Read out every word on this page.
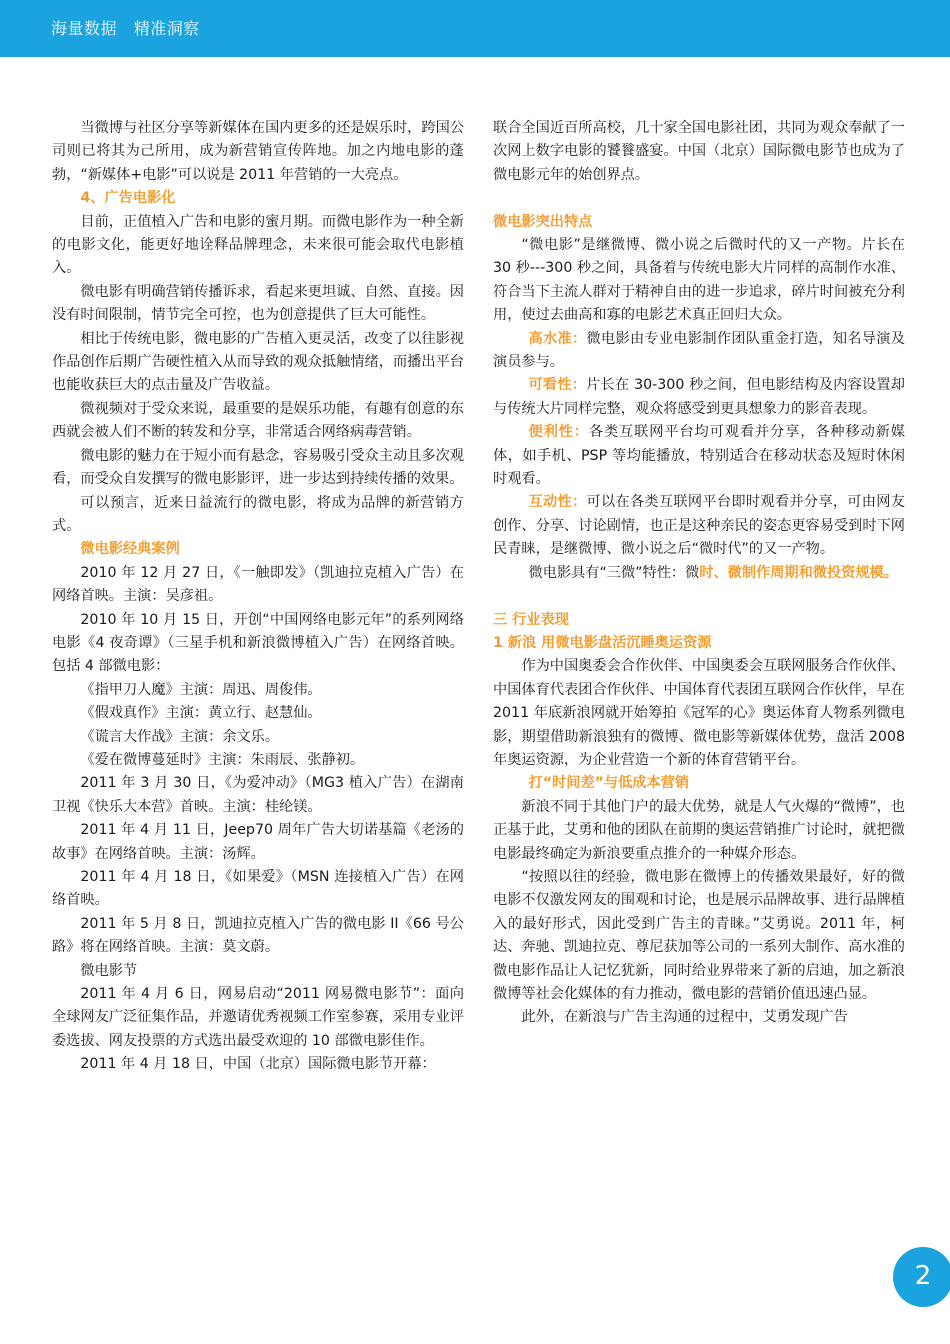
海量数据   精准洞察

当微博与社区分享等新媒体在国内更多的还是娱乐时，跨国公司则已将其为己所用，成为新营销宣传阵地。加之内地电影的蓬勃，“新媒体+电影”可以说是 2011 年营销的一大亮点。

4、广告电影化

目前，正值植入广告和电影的蜜月期。而微电影作为一种全新的电影文化，能更好地诠释品牌理念，未来很可能会取代电影植入。

微电影有明确营销传播诉求，看起来更坦诚、自然、直接。因没有时间限制，情节完全可控，也为创意提供了巨大可能性。

相比于传统电影，微电影的广告植入更灵活，改变了以往影视作品创作后期广告硬性植入从而导致的观众抵触情绪，而播出平台也能收获巨大的点击量及广告收益。

微视频对于受众来说，最重要的是娱乐功能，有趣有创意的东西就会被人们不断的转发和分享，非常适合网络病毒营销。

微电影的魅力在于短小而有悬念，容易吸引受众主动且多次观看，而受众自发撰写的微电影影评，进一步达到持续传播的效果。

可以预言，近来日益流行的微电影，将成为品牌的新营销方式。

微电影经典案例

2010 年 12 月 27 日，《一触即发》（凯迪拉克植入广告）在网络首映。主演：吴彦祖。

2010 年 10 月 15 日，开创“中国网络电影元年”的系列网络电影《4 夜奇谭》（三星手机和新浪微博植入广告）在网络首映。包括 4 部微电影：

《指甲刀人魔》主演：周迅、周俊伟。

《假戏真作》主演：黄立行、赵慧仙。

《谎言大作战》主演：余文乐。

《爱在微博蔓延时》主演：朱雨辰、张静初。

2011 年 3 月 30 日，《为爱冲动》（MG3 植入广告）在湖南卫视《快乐大本营》首映。主演：桂纶镁。

2011 年 4 月 11 日，Jeep70 周年广告大切诺基篇《老汤的故事》在网络首映。主演：汤辉。

2011 年 4 月 18 日，《如果爱》（MSN 连接植入广告）在网络首映。

2011 年 5 月 8 日，凯迪拉克植入广告的微电影 II《66 号公路》将在网络首映。主演：莫文蔚。

微电影节

2011 年 4 月 6 日，网易启动“2011 网易微电影节”：面向全球网友广泛征集作品，并邀请优秀视频工作室参赛，采用专业评委选拔、网友投票的方式选出最受欢迎的 10 部微电影佳作。

2011 年 4 月 18 日，中国（北京）国际微电影节开幕：

联合全国近百所高校，几十家全国电影社团，共同为观众奉献了一次网上数字电影的饕餮盛宴。中国（北京）国际微电影节也成为了微电影元年的始创界点。

微电影突出特点

“微电影”是继微博、微小说之后微时代的又一产物。片长在 30 秒---300 秒之间，具备着与传统电影大片同样的高制作水准、符合当下主流人群对于精神自由的进一步追求，碎片时间被充分利用，使过去曲高和寡的电影艺术真正回归大众。

高水准：微电影由专业电影制作团队重金打造，知名导演及演员参与。

可看性：片长在 30-300 秒之间，但电影结构及内容设置却与传统大片同样完整，观众将感受到更具想象力的影音表现。

便利性：各类互联网平台均可观看并分享，各种移动新媒体，如手机、PSP 等均能播放，特别适合在移动状态及短时休闲时观看。

互动性：可以在各类互联网平台即时观看并分享，可由网友创作、分享、讨论剧情，也正是这种亲民的姿态更容易受到时下网民青睐，是继微博、微小说之后“微时代”的又一产物。

微电影具有“三微”特性：微时、微制作周期和微投资规模。

三 行业表现

1 新浪 用微电影盘活沉睡奥运资源

作为中国奥委会合作伙伴、中国奥委会互联网服务合作伙伴、中国体育代表团合作伙伴、中国体育代表团互联网合作伙伴，早在 2011 年底新浪网就开始筹拍《冠军的心》奥运体育人物系列微电影，期望借助新浪独有的微博、微电影等新媒体优势，盘活 2008 年奥运资源，为企业营造一个新的体育营销平台。

打“时间差”与低成本营销

新浪不同于其他门户的最大优势，就是人气火爆的“微博”，也正基于此，艾勇和他的团队在前期的奥运营销推广讨论时，就把微电影最终确定为新浪要重点推介的一种媒介形态。

“按照以往的经验，微电影在微博上的传播效果最好，好的微电影不仅激发网友的围观和讨论，也是展示品牌故事、进行品牌植入的最好形式，因此受到广告主的青睐。”艾勇说。2011 年，柯达、奔驰、凯迪拉克、尊尼获加等公司的一系列大制作、高水准的微电影作品让人记忆犹新，同时给业界带来了新的启迪，加之新浪微博等社会化媒体的有力推动，微电影的营销价值迅速凸显。

此外，在新浪与广告主沟通的过程中，艾勇发现广告

2
